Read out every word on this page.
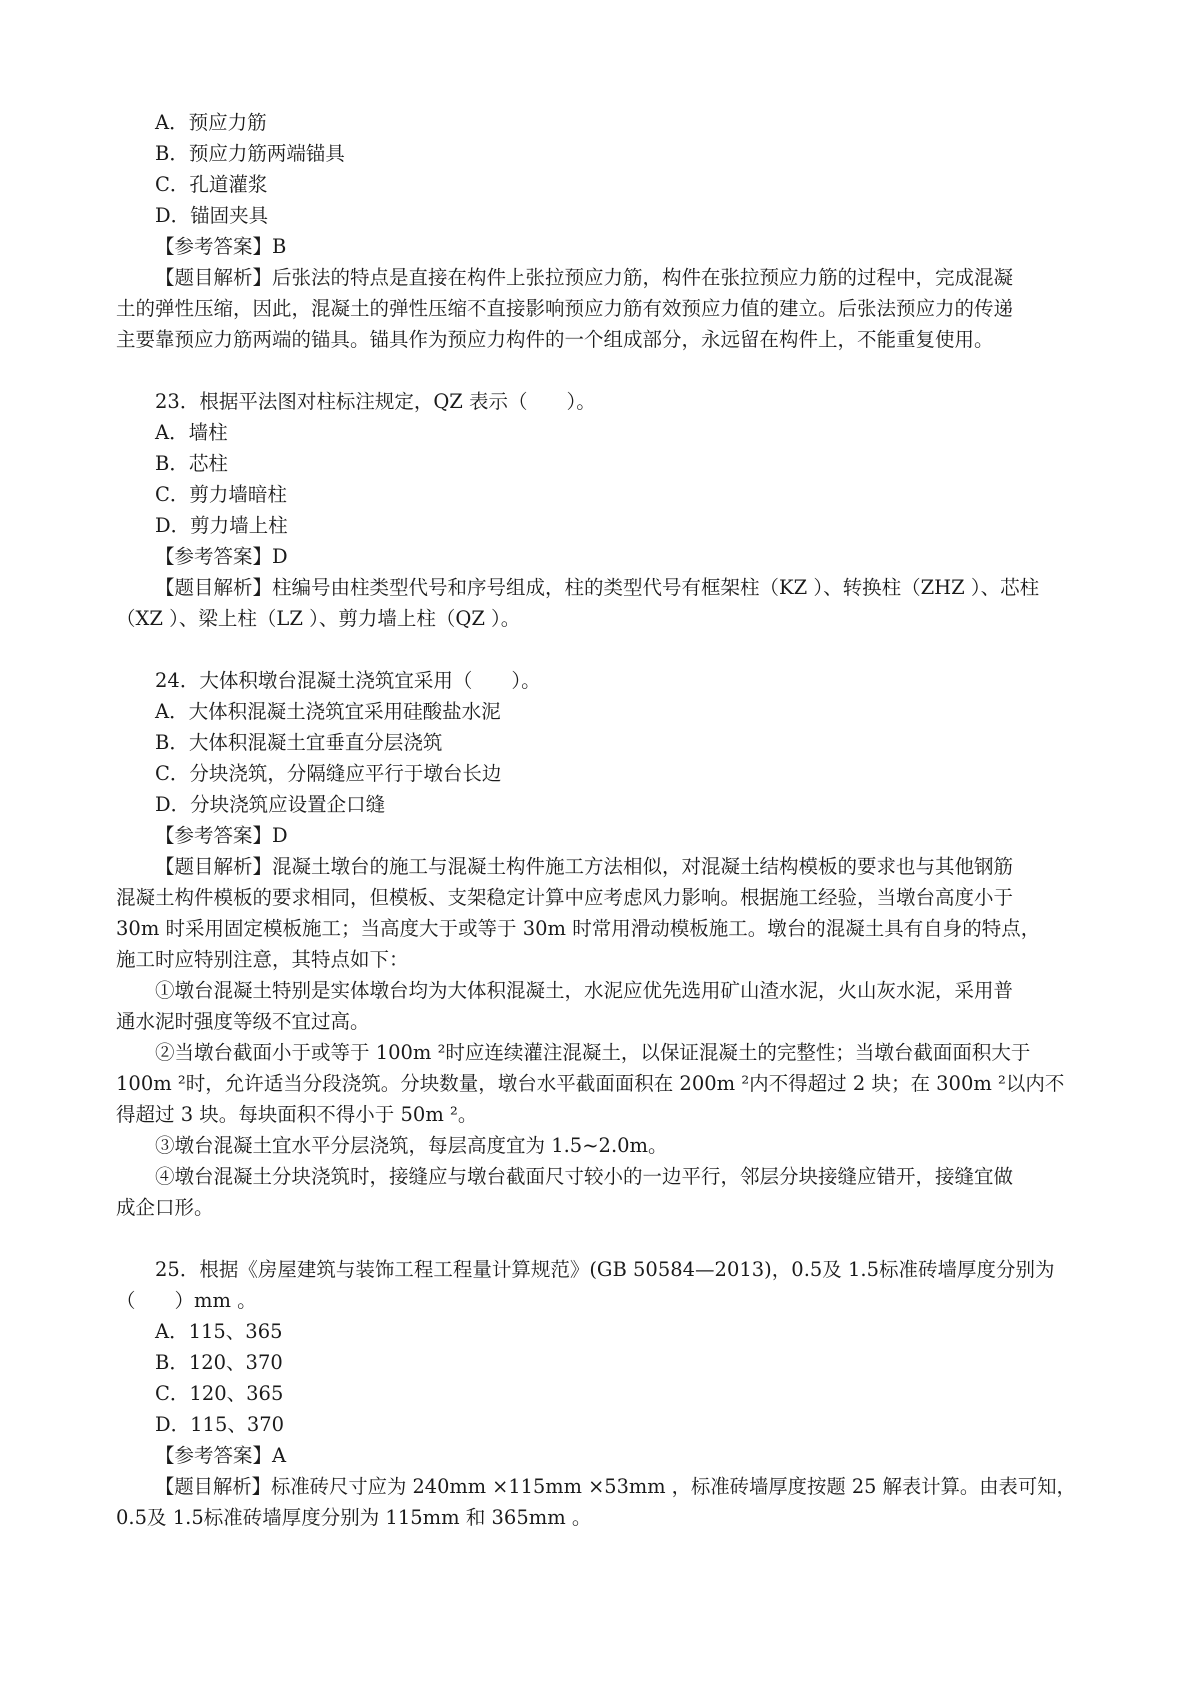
A．预应力筋
B．预应力筋两端锚具
C．孔道灌浆
D．锚固夹具
【参考答案】B
【题目解析】后张法的特点是直接在构件上张拉预应力筋，构件在张拉预应力筋的过程中，完成混凝
土的弹性压缩，因此，混凝土的弹性压缩不直接影响预应力筋有效预应力值的建立。后张法预应力的传递
主要靠预应力筋两端的锚具。锚具作为预应力构件的一个组成部分，永远留在构件上，不能重复使用。
23．根据平法图对柱标注规定，QZ 表示（　　）。
A．墙柱
B．芯柱
C．剪力墙暗柱
D．剪力墙上柱
【参考答案】D
【题目解析】柱编号由柱类型代号和序号组成，柱的类型代号有框架柱（KZ ）、转换柱（ZHZ ）、芯柱
（XZ ）、梁上柱（LZ ）、剪力墙上柱（QZ ）。
24．大体积墩台混凝土浇筑宜采用（　　）。
A．大体积混凝土浇筑宜采用硅酸盐水泥
B．大体积混凝土宜垂直分层浇筑
C．分块浇筑，分隔缝应平行于墩台长边
D．分块浇筑应设置企口缝
【参考答案】D
【题目解析】混凝土墩台的施工与混凝土构件施工方法相似，对混凝土结构模板的要求也与其他钢筋
混凝土构件模板的要求相同，但模板、支架稳定计算中应考虑风力影响。根据施工经验，当墩台高度小于
30m 时采用固定模板施工；当高度大于或等于 30m 时常用滑动模板施工。墩台的混凝土具有自身的特点，
施工时应特别注意，其特点如下：
①墩台混凝土特别是实体墩台均为大体积混凝土，水泥应优先选用矿山渣水泥，火山灰水泥，采用普
通水泥时强度等级不宜过高。
②当墩台截面小于或等于 100m ²时应连续灌注混凝土，以保证混凝土的完整性；当墩台截面面积大于
100m ²时，允许适当分段浇筑。分块数量，墩台水平截面面积在 200m ²内不得超过 2 块；在 300m ²以内不
得超过 3 块。每块面积不得小于 50m ²。
③墩台混凝土宜水平分层浇筑，每层高度宜为 1.5~2.0m。
④墩台混凝土分块浇筑时，接缝应与墩台截面尺寸较小的一边平行，邻层分块接缝应错开，接缝宜做
成企口形。
25．根据《房屋建筑与装饰工程工程量计算规范》(GB 50584—2013)，0.5及 1.5标准砖墙厚度分别为
（　　）mm 。
A．115、365
B．120、370
C．120、365
D．115、370
【参考答案】A
【题目解析】标准砖尺寸应为 240mm ×115mm ×53mm ，标准砖墙厚度按题 25 解表计算。由表可知，
0.5及 1.5标准砖墙厚度分别为 115mm 和 365mm 。
